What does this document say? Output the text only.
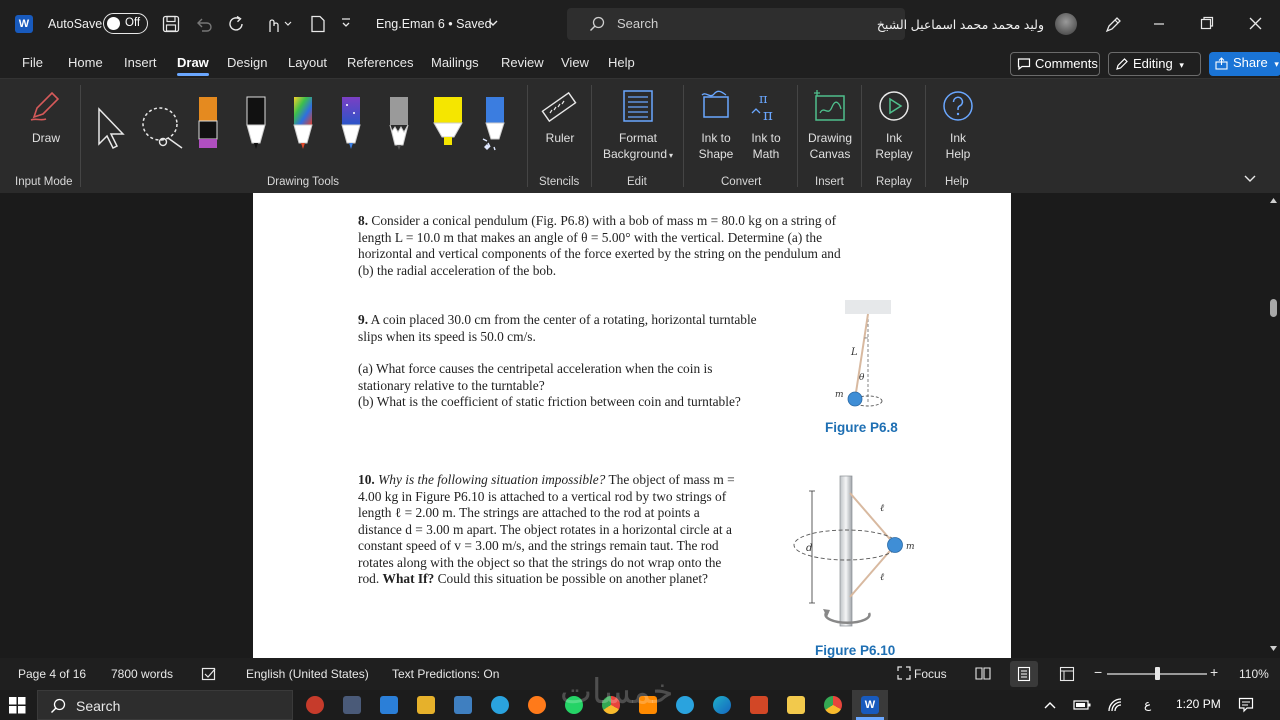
W	AutoSave Off	Eng.Eman 6 • Saved	Search	وليد محمد محمد اسماعيل الشيخ
File Home Insert Draw Design Layout References Mailings Review View Help	Comments	Editing ▾	Share ▾
Draw
Input Mode	Drawing Tools
Ruler
Stencils
Format
Background ▾
Edit
Ink to
Shape
π
π
Ink to
Math
Convert
Drawing
Canvas
Insert
Ink
Replay
Replay
Ink
Help
Help
8. Consider a conical pendulum (Fig. P6.8) with a bob of mass m = 80.0 kg on a string of
length L = 10.0 m that makes an angle of θ = 5.00° with the vertical. Determine (a) the
horizontal and vertical components of the force exerted by the string on the pendulum and
(b) the radial acceleration of the bob.
9. A coin placed 30.0 cm from the center of a rotating, horizontal turntable
slips when its speed is 50.0 cm/s.
(a) What force causes the centripetal acceleration when the coin is
stationary relative to the turntable?
(b) What is the coefficient of static friction between coin and turntable?
10. Why is the following situation impossible? The object of mass m =
4.00 kg in Figure P6.10 is attached to a vertical rod by two strings of
length ℓ = 2.00 m. The strings are attached to the rod at points a
distance d = 3.00 m apart. The object rotates in a horizontal circle at a
constant speed of v = 3.00 m/s, and the strings remain taut. The rod
rotates along with the object so that the strings do not wrap onto the
rod. What If? Could this situation be possible on another planet?
L
θ
m
Figure P6.8
ℓ
ℓ
d	m
Figure P6.10
Page 4 of 16 7800 words	English (United States) Text Predictions: On	Focus	−	+ 110%
Search	W
خمسات	ع 1:20 PM
